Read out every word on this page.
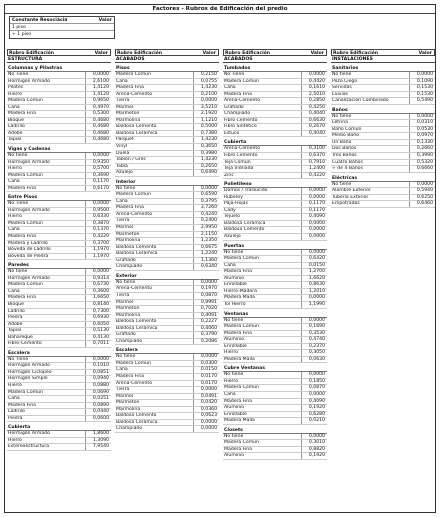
Factores - Rubros de Edificación del predio
Constante Resociáciá	Valor
1 piso
+ 1 piso
Rubro Edificación	Valor
ESTRUCTURA
Columnas y Pilastras
No Tiene	0,0000
Hormigón Armado	2,6100
Pilotes	1,4120
Hierro	1,4120
Madera Común	0,9650
Caña	0,4970
Madera Fina	0,5300
Bloque	0,4680
Ladrillo	0,4680
Adobe	0,4680
Tapial	0,4680
Vigas y Cadenas
No tiene	0,0000
Hormigón Armado	0,9350
Hierro	0,5700
Madera Común	0,3690
Caña	0,1170
Madera Fina	0,6170
Entre Pisos
No Tiene	0,0000
Hormigón Armado	0,9500
Hierro	0,6330
Madera Común	0,3870
Caña	0,1370
Madera Fina	0,4220
Madera y Ladrillo	0,3700
Bóveda de Ladrillo	1,1970
Bóveda de Piedra	1,1970
Paredes
No tiene	0,0000
Hormigón Armado	0,9314
Madera Común	0,6730
Caña	0,3600
Madera Fina	1,6650
Bloque	0,8140
Ladrillo	0,7300
Piedra	0,6930
Adobe	0,6050
Tapial	0,5130
Bahareque	0,4130
Fibro-Cemento	0,7011
Escalera
No Tiene	0,0000
Hormigón Armado	0,1010
Hormigón Ciclopeo	0,0851
Hormigón Simple	0,0940
Hierro	0,0880
Madera Común	0,0690
Caña	0,0251
Madera Fina	0,0890
Ladrillo	0,0440
Piedra	0,0600
Cubierta
Hormigón Armado	1,8600
Hierro	1,3090
Estereoestructura	7,9540
Rubro Edificación	Valor
ACABADOS
Pisos
Madera Común	0,2150
Caña	0,0755
Madera Fina	1,4230
Arena-Cemento	0,2100
Tierra	0,0000
Mármol	3,5210
Marmeton	2,1920
Marmolina	1,1210
Baldosa Cemento	0,5000
Baldosa Cerámica	0,7380
Parquet	1,4230
Vinyl	0,3650
Duela	0,3980
Tablón / Gres	1,4230
Tabla	0,2650
Azulejo	0,6490
Interior
No tiene	0,0000
Madera Común	0,6590
Caña	0,3795
Madera Fina	3,7260
Arena-Cemento	0,4240
Tierra	0,2400
Mármol	2,9950
Marmeton	2,1150
Marmolina	1,2350
Baldosa Cemento	0,6675
Baldosa Cerámica	1,2240
Grafiado	1,1360
Champiado	0,6340
Exterior
No tiene	0,0000
Arena-Cemento	0,1970
Tierra	0,0870
Mármol	0,9991
Marmeton	0,7020
Marmolina	0,4091
Baldosa Cemento	0,2227
Baldosa Cerámica	0,4060
Grafiado	0,3790
Champiado	0,2086
Escalera
No tiene	0,0000
Madera Común	0,0300
Caña	0,0150
Madera Fina	0,0170
Arena-Cemento	0,0170
Tierra	0,0000
Mármol	0,0491
Marmeton	0,0420
Marmolina	0,0360
Baldosa Cemento	0,0623
Baldosa Cerámica	0,0000
Champiado	0,0000
Rubro Edificación	Valor
ACABADOS
Tumbados
No Tiene	0,0000
Madera Común	0,4420
Caña	0,1610
Madera Fina	2,5010
Arena-Cemento	0,2850
Grafiado	0,4250
Champiado	0,4040
Fibro Cemento	0,6630
Fibro Sintético	0,2670
Estuco	0,4040
Cubierta
Arena-Cemento	0,3100
Fibro Cemento	0,6370
Teja Común	0,7910
Teja Vidriada	1,2400
Zinc	0,4220
Polietileno
Domos / Traslúcido	0,0000
Ruberoy	0,0000
Paja-Hojas	0,1170
Cady	0,1170
Tejuelo	0,4090
Baldosa Cerámica	0,0000
Baldosa Cemento	0,0000
Azulejo	0,0000
Puertas
No tiene	0,0000
Madera Común	0,6420
Caña	0,0150
Madera Fina	1,2700
Aluminio	1,6620
Enrollable	0,8630
Hierro-Madera	1,2010
Madera Malla	0,0000
Tol Hierro	1,1990
Ventanas
No tiene	0,0000
Madera Común	0,1690
Madera Fina	0,3530
Aluminio	0,4740
Enrollable	0,2370
Hierro	0,3050
Madera Malla	0,0630
Cubre Ventanas
No tiene	0,0000
Hierro	0,1850
Madera Común	0,0870
Caña	0,0000
Madera Fina	0,4090
Aluminio	0,1920
Enrollable	0,6280
Madera Malla	0,0210
Closets
No tiene	0,0000
Madera Común	0,3010
Madera Fina	0,8820
Aluminio	0,1920
Rubro Edificación	Valor
INSTALACIONES
Sanitarios
No tiene	0,0000
Pozo Ciego	0,1090
Servidas	0,1530
Lluvias	0,1530
Canalización Combinado	0,5490
Baños
No tiene	0,0000
Letrina	0,0310
Baño Común	0,0530
Medio Baño	0,0970
Un Baño	0,1330
Dos Baños	0,2660
Tres Baños	0,3990
Cuatro Baños	0,5320
+ de 4 Baños	0,6660
Eléctricas
No tiene	0,0000
Alambre Exterior	0,5940
Tubería Exterior	0,6250
Empotradas	0,6460
